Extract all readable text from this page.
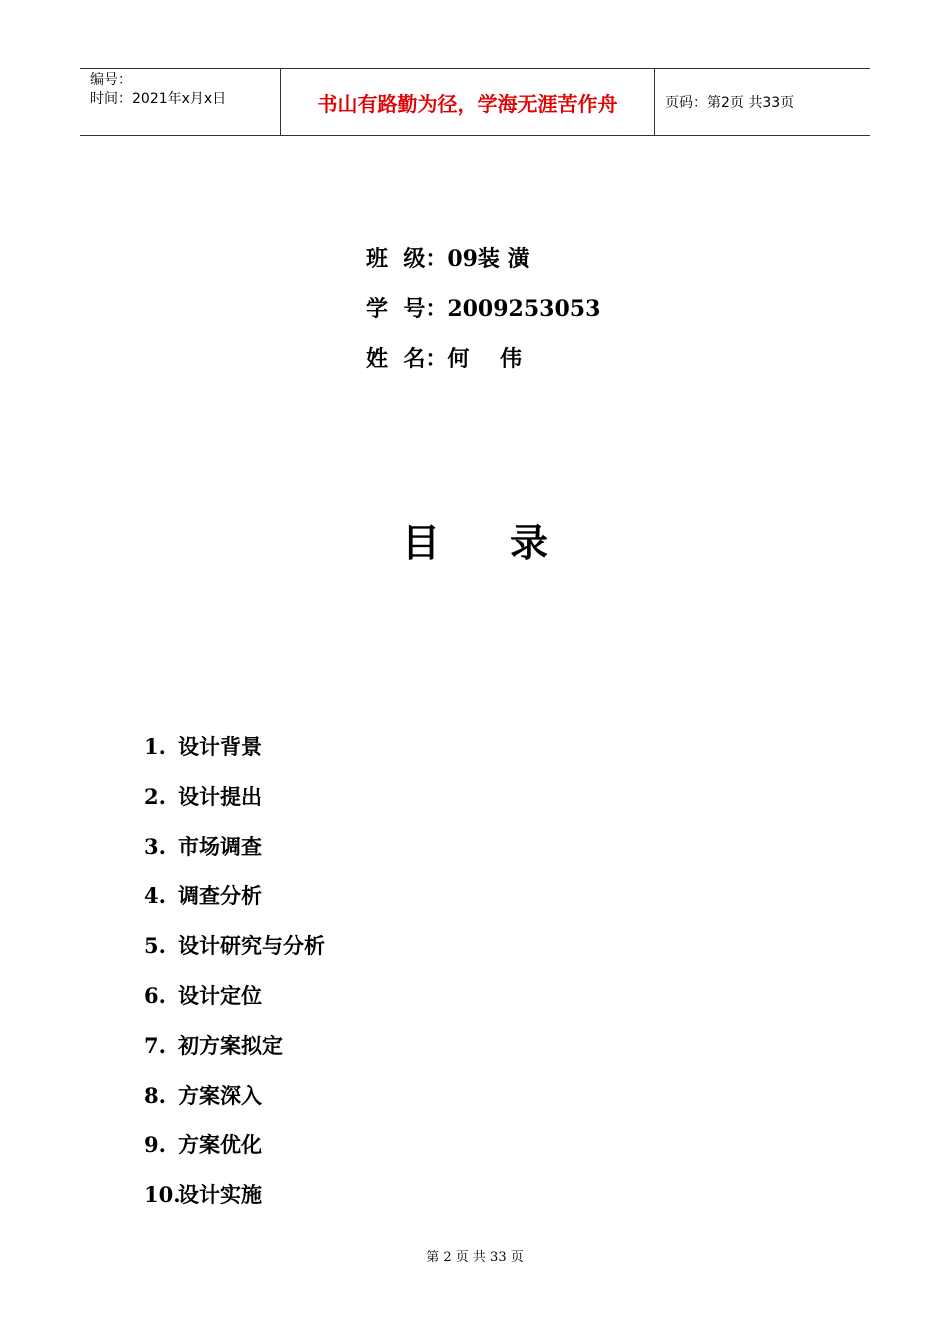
编号：
时间：2021年x月x日	书山有路勤为径，学海无涯苦作舟	页码：第2页 共33页
班  级：09装 潢
学  号：2009253053
姓  名：何    伟
目 录
1. 设计背景
2. 设计提出
3. 市场调查
4. 调查分析
5. 设计研究与分析
6. 设计定位
7. 初方案拟定
8. 方案深入
9. 方案优化
10.
设计实施
第 2 页 共 33 页
